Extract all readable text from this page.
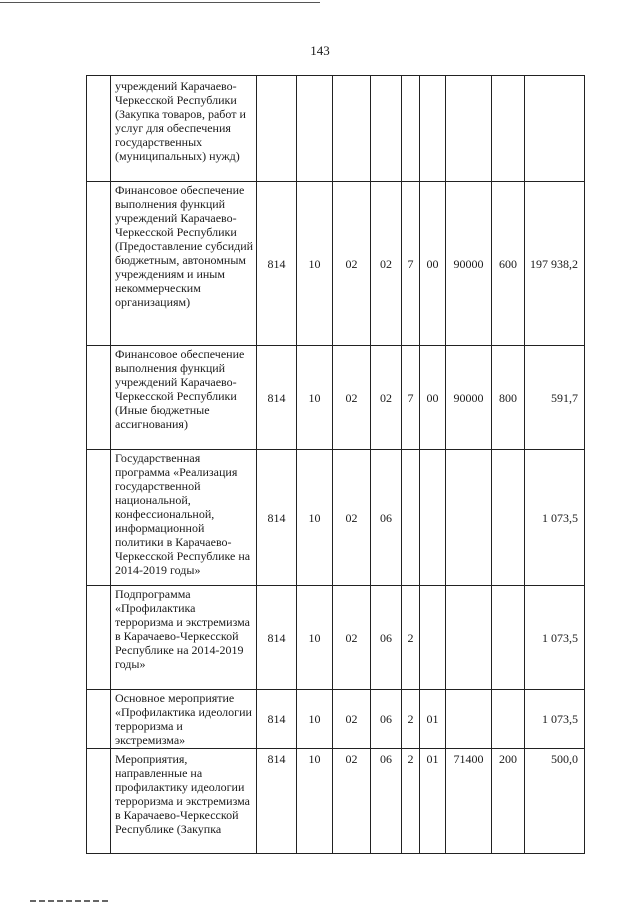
143
	учреждений Карачаево-Черкесской Республики (Закупка товаров, работ и услуг для обеспечения государственных (муниципальных) нужд)									
	Финансовое обеспечение выполнения функций учреждений Карачаево-Черкесской Республики (Предоставление субсидий бюджетным, автономным учреждениям и иным некоммерческим организациям)	814	10	02	02	7	00	90000	600	197 938,2
	Финансовое обеспечение выполнения функций учреждений Карачаево-Черкесской Республики (Иные бюджетные ассигнования)	814	10	02	02	7	00	90000	800	591,7
	Государственная программа «Реализация государственной национальной, конфессиональной, информационной политики в Карачаево-Черкесской Республике на 2014-2019 годы»	814	10	02	06					1 073,5
	Подпрограмма «Профилактика терроризма и экстремизма в Карачаево-Черкесской Республике на 2014-2019 годы»	814	10	02	06	2				1 073,5
	Основное мероприятие «Профилактика идеологии терроризма и экстремизма»	814	10	02	06	2	01			1 073,5
	Мероприятия, направленные на профилактику идеологии терроризма и экстремизма в Карачаево-Черкесской Республике (Закупка	814	10	02	06	2	01	71400	200	500,0
